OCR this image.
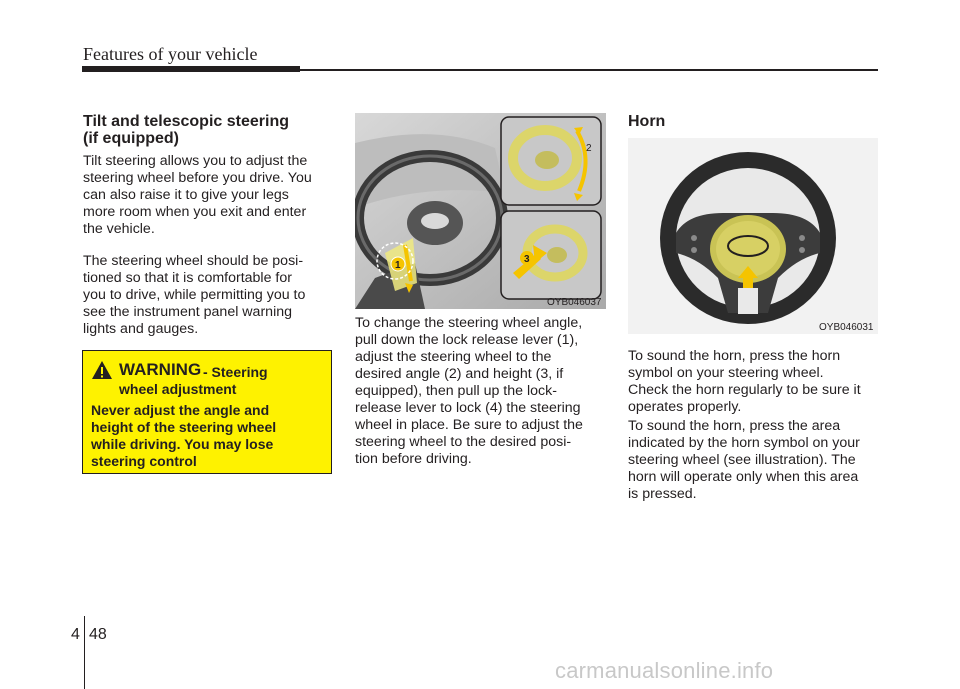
Features of your vehicle
Tilt and telescopic steering
(if equipped)
Tilt steering allows you to adjust the
steering wheel before you drive. You
can also raise it to give your legs
more room when you exit and enter
the vehicle.
The steering wheel should be posi-
tioned so that it is comfortable for
you to drive, while permitting you to
see the instrument panel warning
lights and gauges.
WARNING - Steering
wheel adjustment
Never adjust the angle and
height of the steering wheel
while driving. You may lose
steering control
1
2
3
OYB046037
To change the steering wheel angle,
pull down the lock release lever (1),
adjust the steering wheel to the
desired angle (2) and height (3, if
equipped), then pull up the lock-
release lever to lock (4) the steering
wheel in place. Be sure to adjust the
steering wheel to the desired posi-
tion before driving.
Horn
OYB046031
To sound the horn, press the horn
symbol on your steering wheel.
Check the horn regularly to be sure it
operates properly.
To sound the horn, press the area
indicated by the horn symbol on your
steering wheel (see illustration). The
horn will operate only when this area
is pressed.
4 48
carmanualsonline.info
